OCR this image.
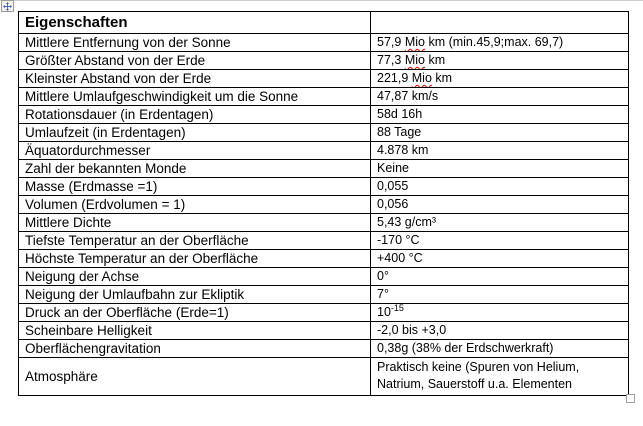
Eigenschaften	
Mittlere Entfernung von der Sonne	57,9 Mio km (min.45,9;max. 69,7)
Größter Abstand von der Erde	77,3 Mio km
Kleinster Abstand von der Erde	221,9 Mio km
Mittlere Umlaufgeschwindigkeit um die Sonne	47,87 km/s
Rotationsdauer (in Erdentagen)	58d 16h
Umlaufzeit (in Erdentagen)	88 Tage
Äquatordurchmesser	4.878 km
Zahl der bekannten Monde	Keine
Masse (Erdmasse =1)	0,055
Volumen (Erdvolumen = 1)	0,056
Mittlere Dichte	5,43 g/cm³
Tiefste Temperatur an der Oberfläche	-170 °C
Höchste Temperatur an der Oberfläche	+400 °C
Neigung der Achse	0°
Neigung der Umlaufbahn zur Ekliptik	7°
Druck an der Oberfläche (Erde=1)	$10^{-15}$
Scheinbare Helligkeit	-2,0 bis +3,0
Oberflächengravitation	0,38g (38% der Erdschwerkraft)
Atmosphäre	Praktisch keine (Spuren von Helium,
Natrium, Sauerstoff u.a. Elementen
